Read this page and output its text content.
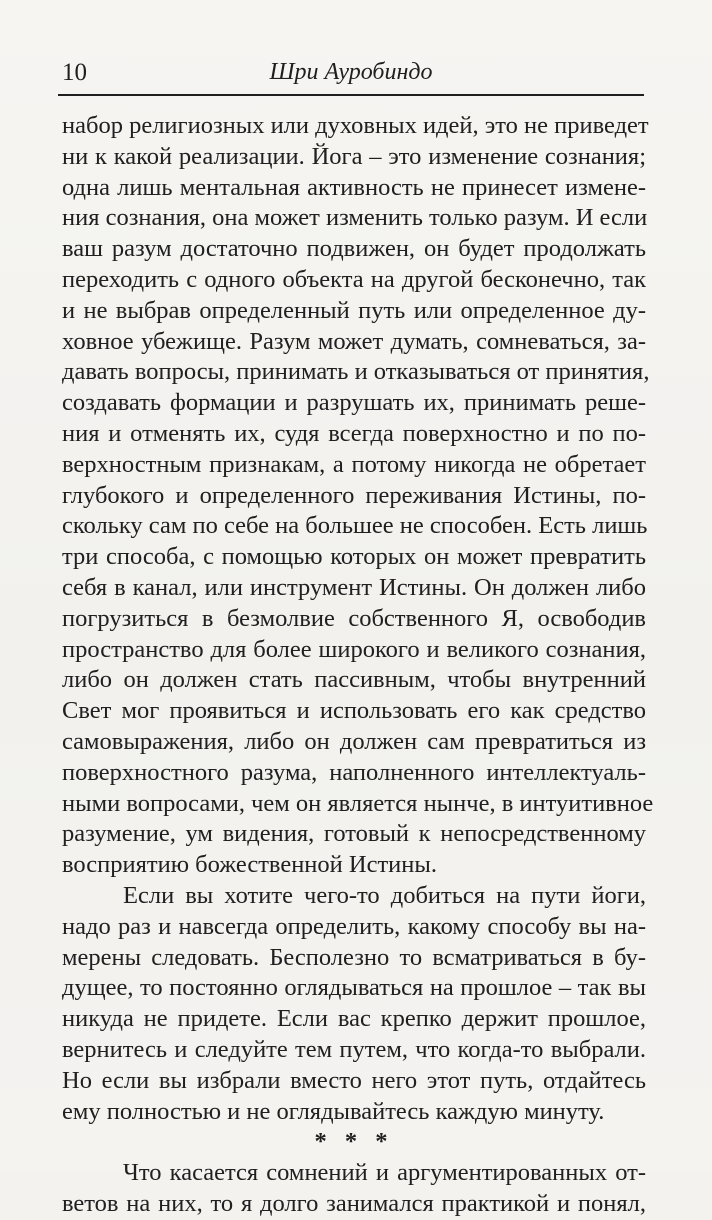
10	Шри Ауробиндо
набор религиозных или духовных идей, это не приведет
ни к какой реализации. Йога – это изменение сознания;
одна лишь ментальная активность не принесет измене-
ния сознания, она может изменить только разум. И если
ваш разум достаточно подвижен, он будет продолжать
переходить с одного объекта на другой бесконечно, так
и не выбрав определенный путь или определенное ду-
ховное убежище. Разум может думать, сомневаться, за-
давать вопросы, принимать и отказываться от принятия,
создавать формации и разрушать их, принимать реше-
ния и отменять их, судя всегда поверхностно и по по-
верхностным признакам, а потому никогда не обретает
глубокого и определенного переживания Истины, по-
скольку сам по себе на большее не способен. Есть лишь
три способа, с помощью которых он может превратить
себя в канал, или инструмент Истины. Он должен либо
погрузиться в безмолвие собственного Я, освободив
пространство для более широкого и великого сознания,
либо он должен стать пассивным, чтобы внутренний
Свет мог проявиться и использовать его как средство
самовыражения, либо он должен сам превратиться из
поверхностного разума, наполненного интеллектуаль-
ными вопросами, чем он является нынче, в интуитивное
разумение, ум видения, готовый к непосредственному
восприятию божественной Истины.
Если вы хотите чего-то добиться на пути йоги,
надо раз и навсегда определить, какому способу вы на-
мерены следовать. Бесполезно то всматриваться в бу-
дущее, то постоянно оглядываться на прошлое – так вы
никуда не придете. Если вас крепко держит прошлое,
вернитесь и следуйте тем путем, что когда-то выбрали.
Но если вы избрали вместо него этот путь, отдайтесь
ему полностью и не оглядывайтесь каждую минуту.
* * *
Что касается сомнений и аргументированных от-
ветов на них, то я долго занимался практикой и понял,
